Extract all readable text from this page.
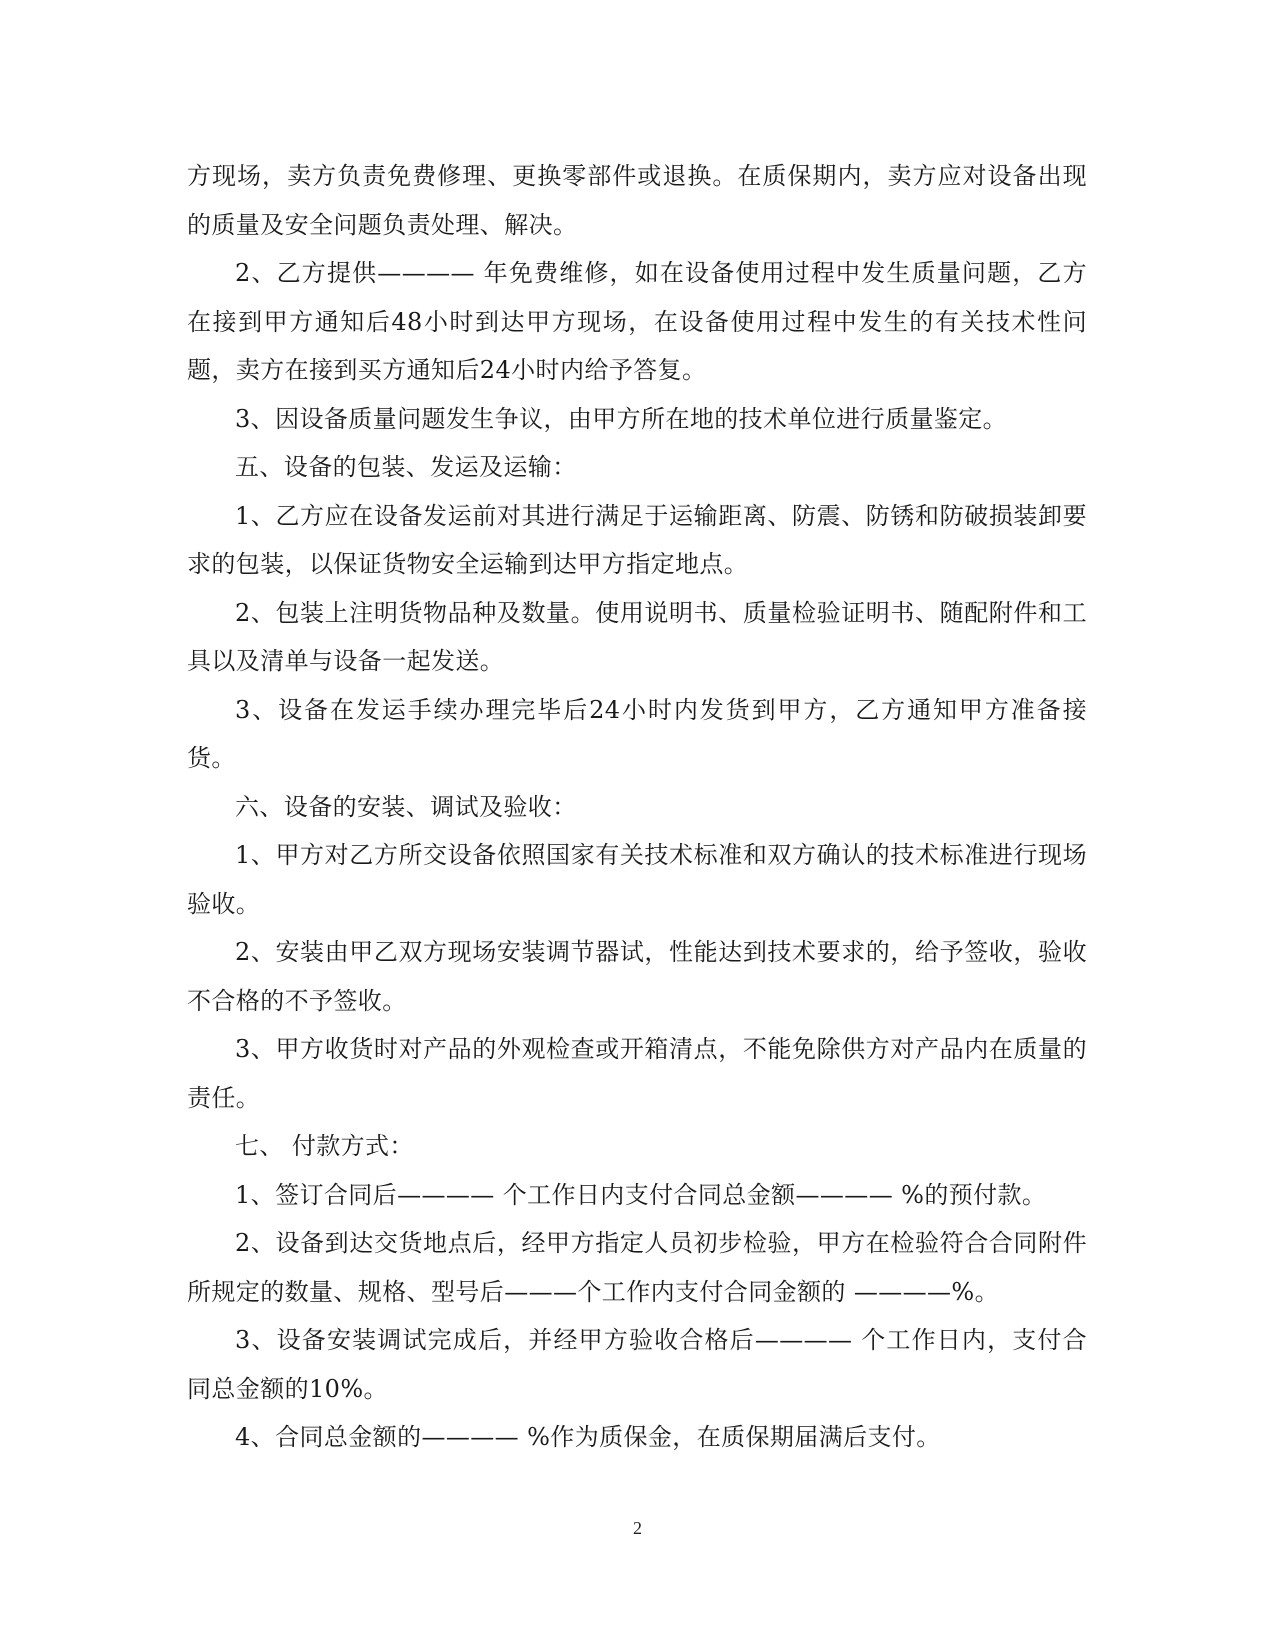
方现场，卖方负责免费修理、更换零部件或退换。在质保期内，卖方应对设备出现的质量及安全问题负责处理、解决。

2、乙方提供———— 年免费维修，如在设备使用过程中发生质量问题，乙方在接到甲方通知后48小时到达甲方现场，在设备使用过程中发生的有关技术性问题，卖方在接到买方通知后24小时内给予答复。

3、因设备质量问题发生争议，由甲方所在地的技术单位进行质量鉴定。

五、设备的包装、发运及运输：

1、乙方应在设备发运前对其进行满足于运输距离、防震、防锈和防破损装卸要求的包装，以保证货物安全运输到达甲方指定地点。

2、包装上注明货物品种及数量。使用说明书、质量检验证明书、随配附件和工具以及清单与设备一起发送。

3、设备在发运手续办理完毕后24小时内发货到甲方，乙方通知甲方准备接货。

六、设备的安装、调试及验收：

1、甲方对乙方所交设备依照国家有关技术标准和双方确认的技术标准进行现场验收。

2、安装由甲乙双方现场安装调节器试，性能达到技术要求的，给予签收，验收不合格的不予签收。

3、甲方收货时对产品的外观检查或开箱清点，不能免除供方对产品内在质量的责任。

七、 付款方式：

1、签订合同后———— 个工作日内支付合同总金额———— %的预付款。

2、设备到达交货地点后，经甲方指定人员初步检验，甲方在检验符合合同附件所规定的数量、规格、型号后———个工作内支付合同金额的 ————%。

3、设备安装调试完成后，并经甲方验收合格后———— 个工作日内，支付合同总金额的10%。

4、合同总金额的———— %作为质保金，在质保期届满后支付。

2
